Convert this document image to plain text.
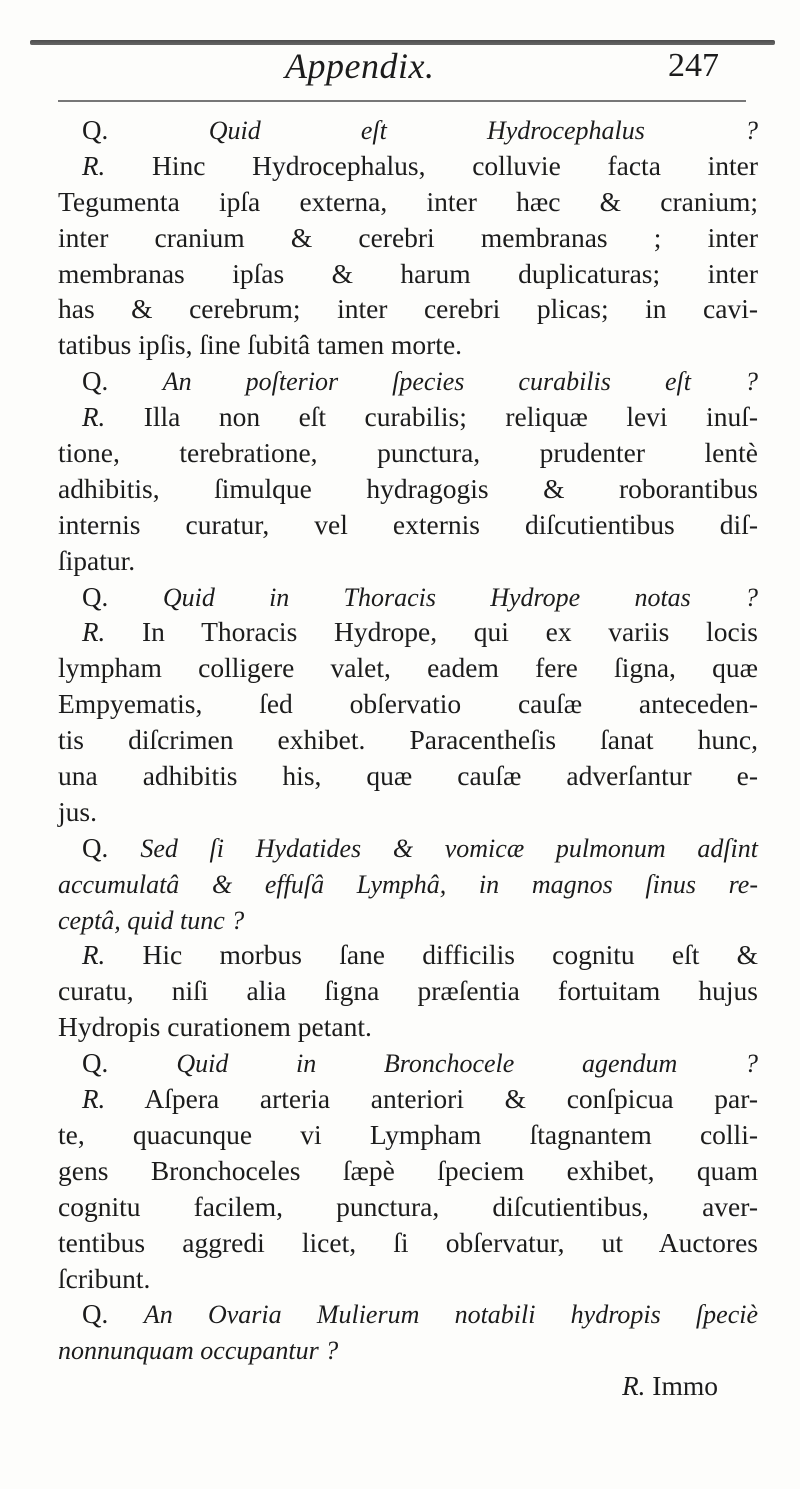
Appendix.	247
Q.	Quid eſt Hydrocephalus ?
R. Hinc Hydrocephalus, colluvie facta inter
Tegumenta ipſa externa, inter hæc & cranium;
inter cranium & cerebri membranas ; inter
membranas ipſas & harum duplicaturas; inter
has & cerebrum; inter cerebri plicas; in cavi-
tatibus ipſis, ſine ſubitâ tamen morte.
Q. An poſterior ſpecies curabilis eſt ?
R. Illa non eſt curabilis; reliquæ levi inuſ-
tione, terebratione, punctura, prudenter lentè
adhibitis, ſimulque hydragogis & roborantibus
internis curatur, vel externis diſcutientibus diſ-
ſipatur.
Q. Quid in Thoracis Hydrope notas ?
R. In Thoracis Hydrope, qui ex variis locis
lympham colligere valet, eadem fere ſigna, quæ
Empyematis, ſed obſervatio cauſæ anteceden-
tis diſcrimen exhibet. Paracentheſis ſanat hunc,
una adhibitis his, quæ cauſæ adverſantur e-
jus.
Q. Sed ſi Hydatides & vomicæ pulmonum adſint
accumulatâ & effuſâ Lymphâ, in magnos ſinus re-
ceptâ, quid tunc ?
R. Hic morbus ſane difficilis cognitu eſt &
curatu, niſi alia ſigna præſentia fortuitam hujus
Hydropis curationem petant.
Q.	Quid in Bronchocele agendum ?
R. Aſpera arteria anteriori & conſpicua par-
te, quacunque vi Lympham ſtagnantem colli-
gens Bronchoceles ſæpè ſpeciem exhibet, quam
cognitu facilem, punctura, diſcutientibus, aver-
tentibus aggredi licet, ſi obſervatur, ut Auctores
ſcribunt.
Q. An Ovaria Mulierum notabili hydropis ſpeciè
nonnunquam occupantur ?
R. Immo
